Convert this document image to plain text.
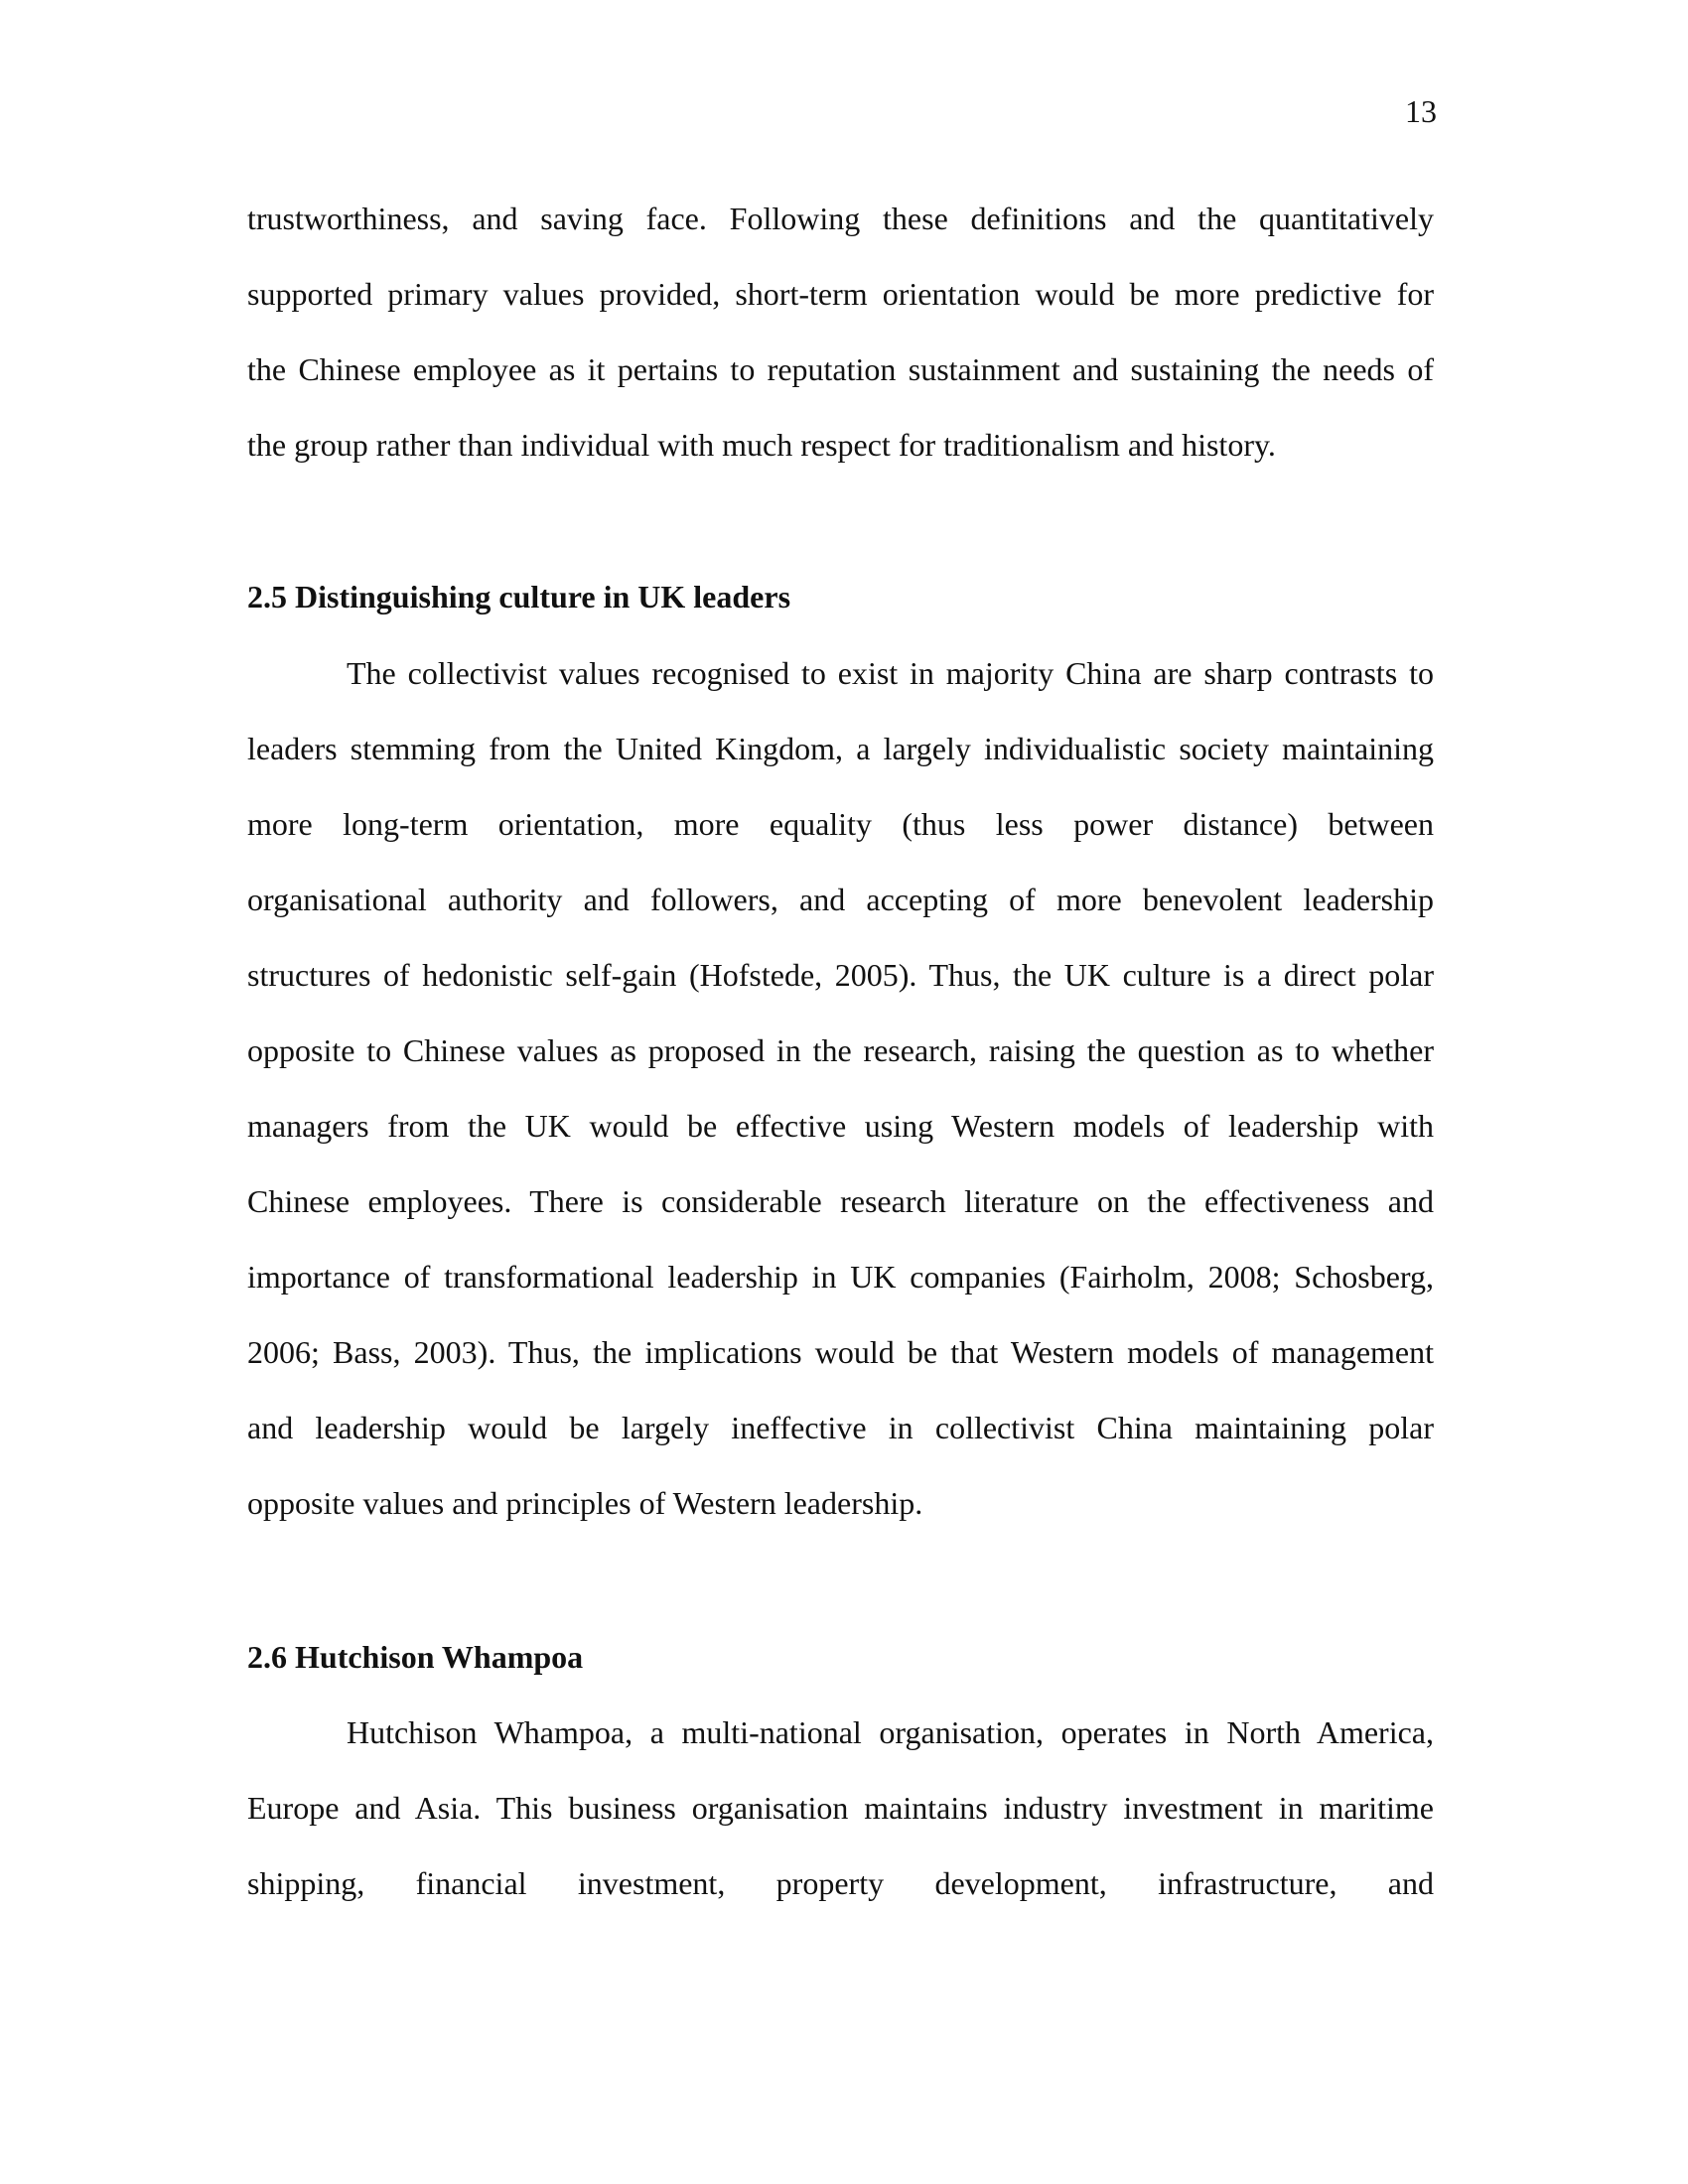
13
trustworthiness, and saving face. Following these definitions and the quantitatively
supported primary values provided, short-term orientation would be more predictive for
the Chinese employee as it pertains to reputation sustainment and sustaining the needs of
the group rather than individual with much respect for traditionalism and history.
2.5 Distinguishing culture in UK leaders
The collectivist values recognised to exist in majority China are sharp contrasts to
leaders stemming from the United Kingdom, a largely individualistic society maintaining
more long-term orientation, more equality (thus less power distance) between
organisational authority and followers, and accepting of more benevolent leadership
structures of hedonistic self-gain (Hofstede, 2005). Thus, the UK culture is a direct polar
opposite to Chinese values as proposed in the research, raising the question as to whether
managers from the UK would be effective using Western models of leadership with
Chinese employees. There is considerable research literature on the effectiveness and
importance of transformational leadership in UK companies (Fairholm, 2008; Schosberg,
2006; Bass, 2003). Thus, the implications would be that Western models of management
and leadership would be largely ineffective in collectivist China maintaining polar
opposite values and principles of Western leadership.
2.6 Hutchison Whampoa
Hutchison Whampoa, a multi-national organisation, operates in North America,
Europe and Asia. This business organisation maintains industry investment in maritime
shipping, financial investment, property development, infrastructure, and
